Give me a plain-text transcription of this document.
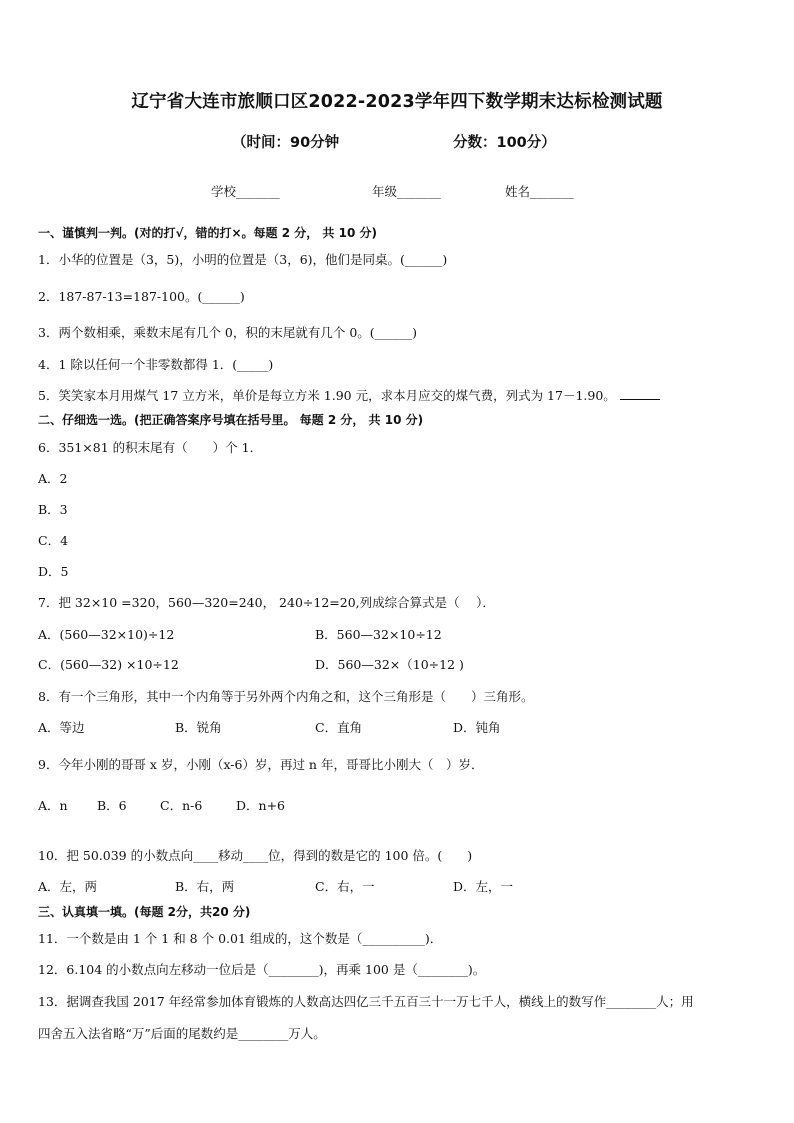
辽宁省大连市旅顺口区2022-2023学年四下数学期末达标检测试题
（时间：90分钟	分数：100分）
学校_______	年级_______	姓名_______
一、谨慎判一判。(对的打√，错的打×。每题 2 分， 共 10 分)
1．小华的位置是（3，5)，小明的位置是（3，6)，他们是同桌。(______)
2．187-87-13=187-100。(______)
3．两个数相乘，乘数末尾有几个 0，积的末尾就有几个 0。(______)
4．1 除以任何一个非零数都得 1．(_____)
5．笑笑家本月用煤气 17 立方米，单价是每立方米 1.90 元，求本月应交的煤气费，列式为 17－1.90。
二、仔细选一选。(把正确答案序号填在括号里。 每题 2 分， 共 10 分)
6．351×81 的积末尾有（　　）个 1．
A．2
B．3
C．4
D．5
7．把 32×10 =320，560—320=240， 240÷12=20,列成综合算式是（　 ）．
A．(560—32×10)÷12	B．560—32×10÷12
C．(560—32) ×10÷12	D．560—32×（10÷12 )
8．有一个三角形，其中一个内角等于另外两个内角之和，这个三角形是（　　）三角形。
A．等边	B．锐角	C．直角	D．钝角
9．今年小刚的哥哥 x 岁，小刚（x-6）岁，再过 n 年，哥哥比小刚大（　）岁．
A．n B．6	C．n-6	D．n+6
10．把 50.039 的小数点向____移动____位，得到的数是它的 100 倍。(　　)
A．左，两	B．右，两	C．右，一	D．左，一
三、认真填一填。(每题 2分，共20 分)
11．一个数是由 1 个 1 和 8 个 0.01 组成的，这个数是（__________)．
12．6.104 的小数点向左移动一位后是（________)，再乘 100 是（________)。
13．据调查我国 2017 年经常参加体育锻炼的人数高达四亿三千五百三十一万七千人，横线上的数写作________人；用
四舍五入法省略“万”后面的尾数约是________万人。
